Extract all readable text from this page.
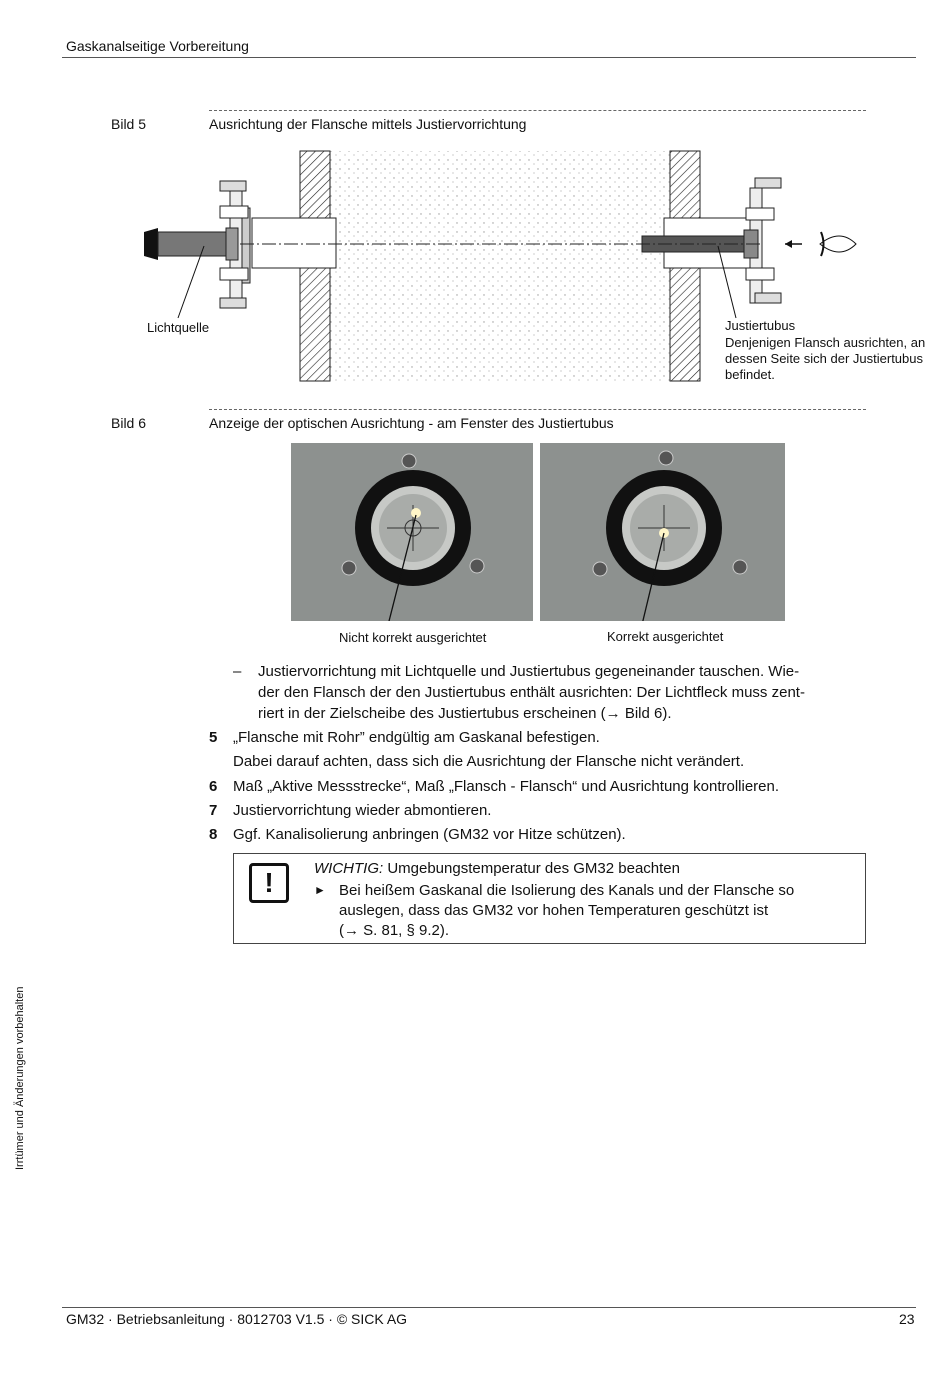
Gaskanalseitige Vorbereitung
Bild 5	Ausrichtung der Flansche mittels Justiervorrichtung
Lichtquelle	Justiertubus
Denjenigen Flansch ausrichten, an
dessen Seite sich der Justiertubus
befindet.
Bild 6	Anzeige der optischen Ausrichtung - am Fenster des Justiertubus
Nicht korrekt ausgerichtet	Korrekt ausgerichtet
– Justiervorrichtung mit Lichtquelle und Justiertubus gegeneinander tauschen. Wie-
der den Flansch der den Justiertubus enthält ausrichten: Der Lichtfleck muss zent-
riert in der Zielscheibe des Justiertubus erscheinen (→ Bild 6).
5 „Flansche mit Rohr” endgültig am Gaskanal befestigen.
Dabei darauf achten, dass sich die Ausrichtung der Flansche nicht verändert.
6 Maß „Aktive Messstrecke“, Maß „Flansch - Flansch“ und Ausrichtung kontrollieren.
7 Justiervorrichtung wieder abmontieren.
8 Ggf. Kanalisolierung anbringen (GM32 vor Hitze schützen).
!	WICHTIG: Umgebungstemperatur des GM32 beachten
► Bei heißem Gaskanal die Isolierung des Kanals und der Flansche so
auslegen, dass das GM32 vor hohen Temperaturen geschützt ist
(→ S. 81, § 9.2).
Irrtümer und Änderungen vorbehalten
GM32 · Betriebsanleitung · 8012703 V1.5 · © SICK AG	23
